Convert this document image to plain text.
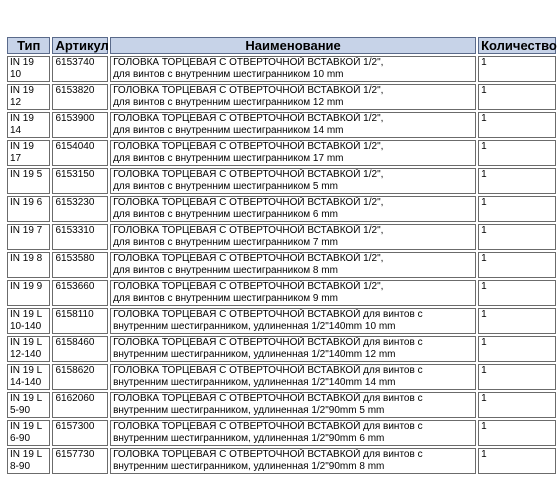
Тип	Артикул	Наименование	Количество
IN 19 10	6153740	ГОЛОВКА ТОРЦЕВАЯ С ОТВЕРТОЧНОЙ ВСТАВКОЙ 1/2",
для винтов с внутренним шестигранником 10 mm	1
IN 19 12	6153820	ГОЛОВКА ТОРЦЕВАЯ С ОТВЕРТОЧНОЙ ВСТАВКОЙ 1/2",
для винтов с внутренним шестигранником 12 mm	1
IN 19 14	6153900	ГОЛОВКА ТОРЦЕВАЯ С ОТВЕРТОЧНОЙ ВСТАВКОЙ 1/2",
для винтов с внутренним шестигранником 14 mm	1
IN 19 17	6154040	ГОЛОВКА ТОРЦЕВАЯ С ОТВЕРТОЧНОЙ ВСТАВКОЙ 1/2",
для винтов с внутренним шестигранником 17 mm	1
IN 19 5	6153150	ГОЛОВКА ТОРЦЕВАЯ С ОТВЕРТОЧНОЙ ВСТАВКОЙ 1/2",
для винтов с внутренним шестигранником 5 mm	1
IN 19 6	6153230	ГОЛОВКА ТОРЦЕВАЯ С ОТВЕРТОЧНОЙ ВСТАВКОЙ 1/2",
для винтов с внутренним шестигранником 6 mm	1
IN 19 7	6153310	ГОЛОВКА ТОРЦЕВАЯ С ОТВЕРТОЧНОЙ ВСТАВКОЙ 1/2",
для винтов с внутренним шестигранником 7 mm	1
IN 19 8	6153580	ГОЛОВКА ТОРЦЕВАЯ С ОТВЕРТОЧНОЙ ВСТАВКОЙ 1/2",
для винтов с внутренним шестигранником 8 mm	1
IN 19 9	6153660	ГОЛОВКА ТОРЦЕВАЯ С ОТВЕРТОЧНОЙ ВСТАВКОЙ 1/2",
для винтов с внутренним шестигранником 9 mm	1
IN 19 L 10-140	6158110	ГОЛОВКА ТОРЦЕВАЯ С ОТВЕРТОЧНОЙ ВСТАВКОЙ для винтов с
внутренним шестигранником, удлиненная 1/2"140mm 10 mm	1
IN 19 L 12-140	6158460	ГОЛОВКА ТОРЦЕВАЯ С ОТВЕРТОЧНОЙ ВСТАВКОЙ для винтов с
внутренним шестигранником, удлиненная 1/2"140mm 12 mm	1
IN 19 L 14-140	6158620	ГОЛОВКА ТОРЦЕВАЯ С ОТВЕРТОЧНОЙ ВСТАВКОЙ для винтов с
внутренним шестигранником, удлиненная 1/2"140mm 14 mm	1
IN 19 L 5-90	6162060	ГОЛОВКА ТОРЦЕВАЯ С ОТВЕРТОЧНОЙ ВСТАВКОЙ для винтов с
внутренним шестигранником, удлиненная 1/2"90mm 5 mm	1
IN 19 L 6-90	6157300	ГОЛОВКА ТОРЦЕВАЯ С ОТВЕРТОЧНОЙ ВСТАВКОЙ для винтов с
внутренним шестигранником, удлиненная 1/2"90mm 6 mm	1
IN 19 L 8-90	6157730	ГОЛОВКА ТОРЦЕВАЯ С ОТВЕРТОЧНОЙ ВСТАВКОЙ для винтов с
внутренним шестигранником, удлиненная 1/2"90mm 8 mm	1
